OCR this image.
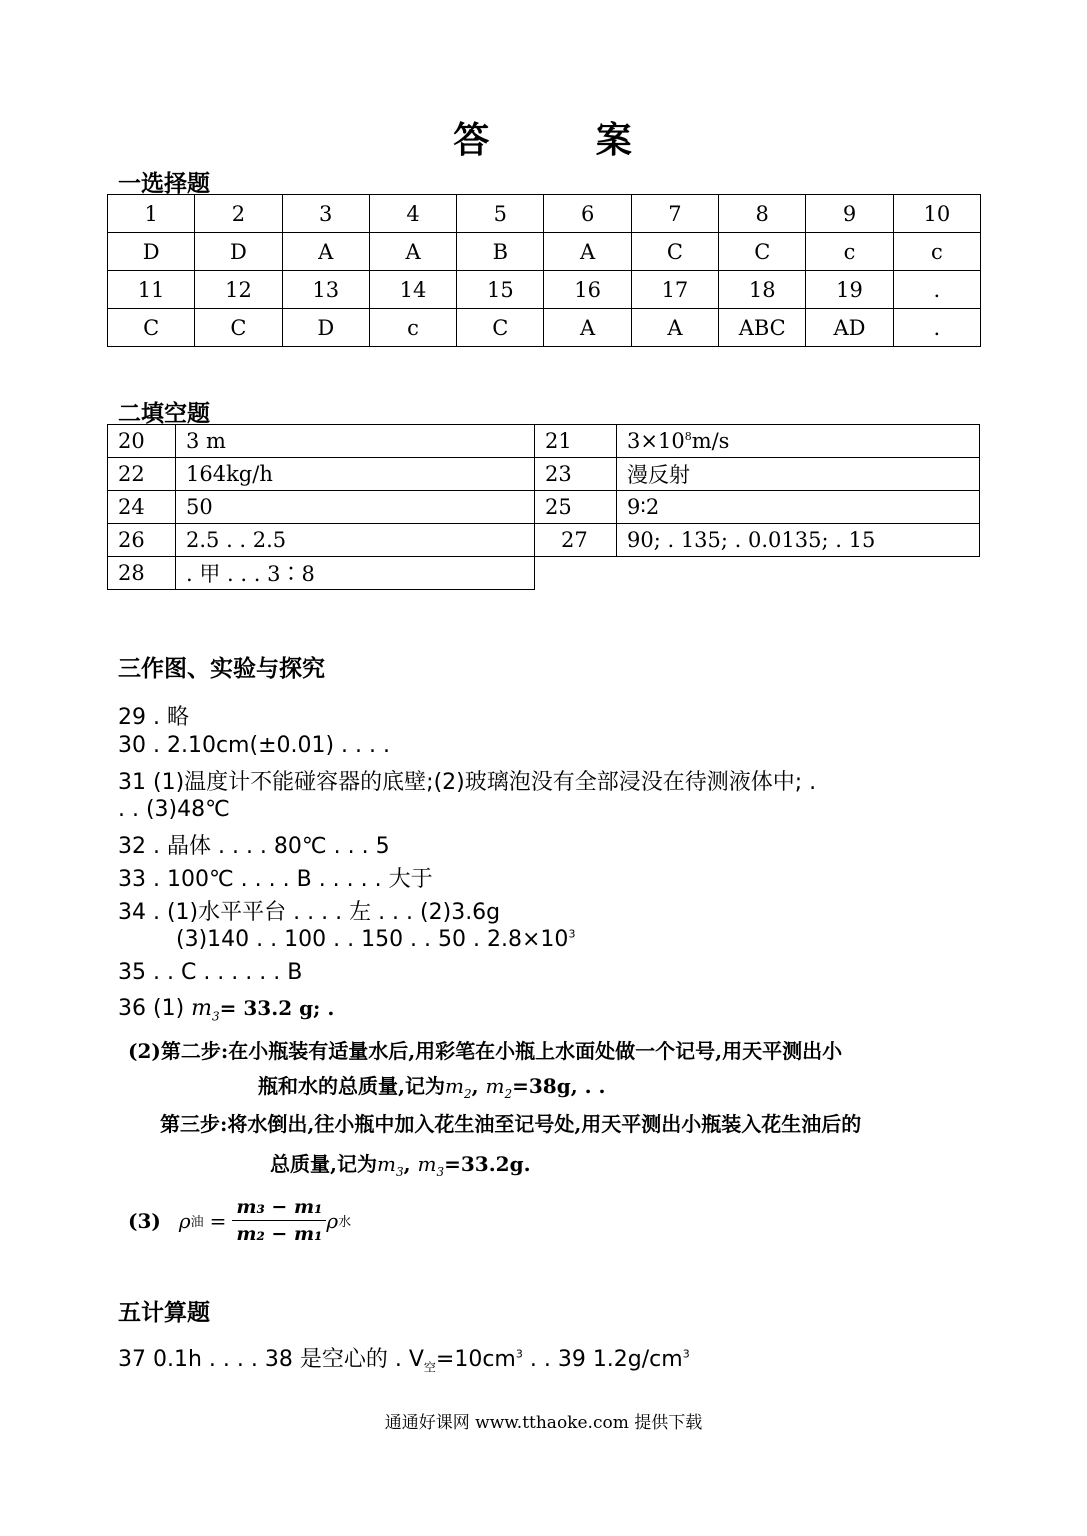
答	案
一选择题
1	2	3	4	5	6	7	8	9	10
D	D	A	A	B	A	C	C	c	c
11	12	13	14	15	16	17	18	19	.
C	C	D	c	C	A	A	ABC	AD	.
二填空题
20	3 m	21	$3\times 10^8m/s$
22	164kg/h	23	漫反射
24	50	25	9∶2
26	2.5 . . 2.5	27	90; . 135; . 0.0135; . 15
28	. 甲 . . . 3∶8		
三作图、实验与探究
29 . 略
30 . 2.10cm(±0.01) . . . .
31 (1)温度计不能碰容器的底壁;(2)玻璃泡没有全部浸没在待测液体中; .
. . (3)48℃
32 . 晶体 . . . . 80℃ . . . 5
33 . 100℃ . . . . B . . . . . 大于
34 . (1)水平平台 . . . . 左 . . . (2)3.6g
(3)140 . . 100 . . 150 . . 50 . $2.8\times 10^3$
35 . . C . . . . . . B
36 (1) $m_3= 33.2$ g; .
(2)第二步:在小瓶装有适量水后,用彩笔在小瓶上水面处做一个记号,用天平测出小
瓶和水的总质量,记为$m_2$, $m_2=38g$, . .
第三步:将水倒出,往小瓶中加入花生油至记号处,用天平测出小瓶装入花生油后的
总质量,记为$m_3$, $m_3=33.2g$.
(3) ρ 油 = $\frac{\text{m₃ − m₁}}{\text{m₂ − m₁}}$ ρ 水
五计算题
37 0.1h . . . . 38 是空心的 . $V_空=10cm^3$ . . 39 $1.2g/cm^3$
通通好课网 www.tthaoke.com 提供下载
